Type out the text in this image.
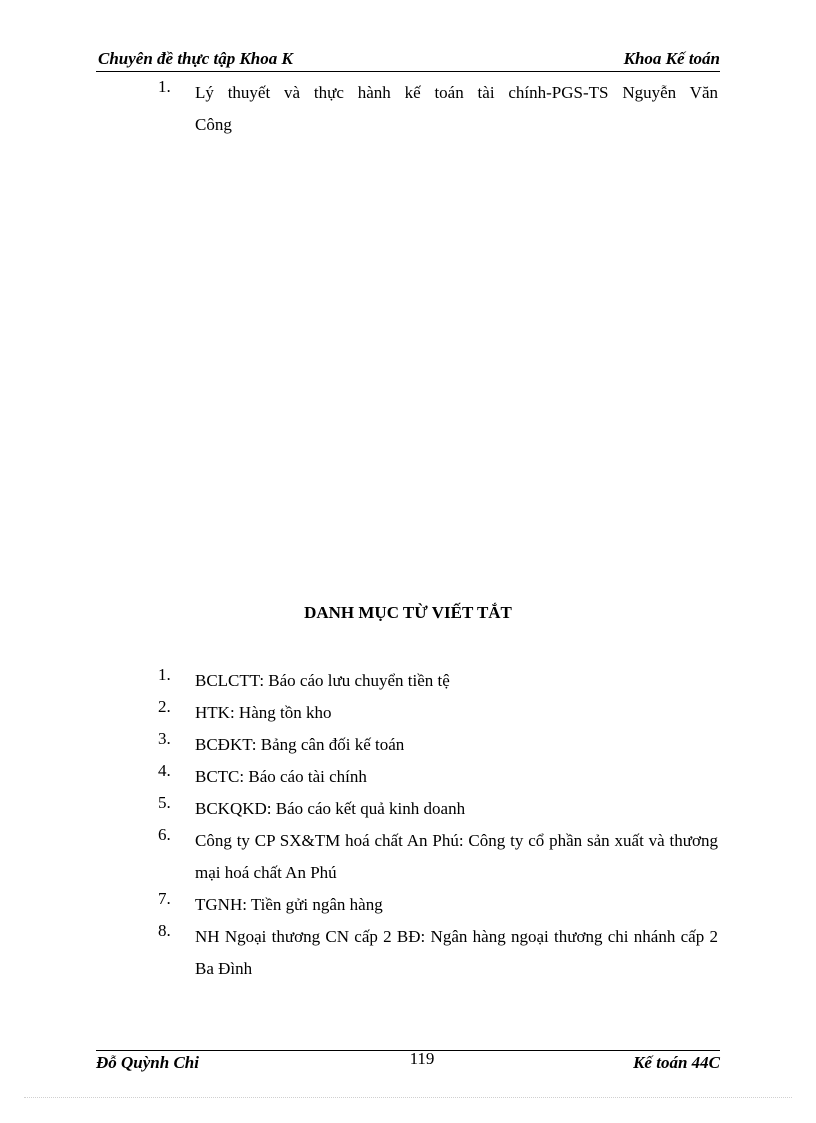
Chuyên đề thực tập Khoa K	Khoa Kế toán
1. Lý thuyết và thực hành kế toán tài chính-PGS-TS Nguyễn Văn
Công
DANH MỤC TỪ VIẾT TẮT
1. BCLCTT: Báo cáo lưu chuyển tiền tệ
2. HTK: Hàng tồn kho
3. BCĐKT: Bảng cân đối kế toán
4. BCTC: Báo cáo tài chính
5. BCKQKD: Báo cáo kết quả kinh doanh
6. Công ty CP SX&TM hoá chất An Phú: Công ty cổ phần sản xuất và thương mại hoá chất An Phú
7. TGNH: Tiền gửi ngân hàng
8. NH Ngoại thương CN cấp 2 BĐ: Ngân hàng ngoại thương chi nhánh cấp 2 Ba Đình
Đỗ Quỳnh Chi	119	Kế toán 44C
